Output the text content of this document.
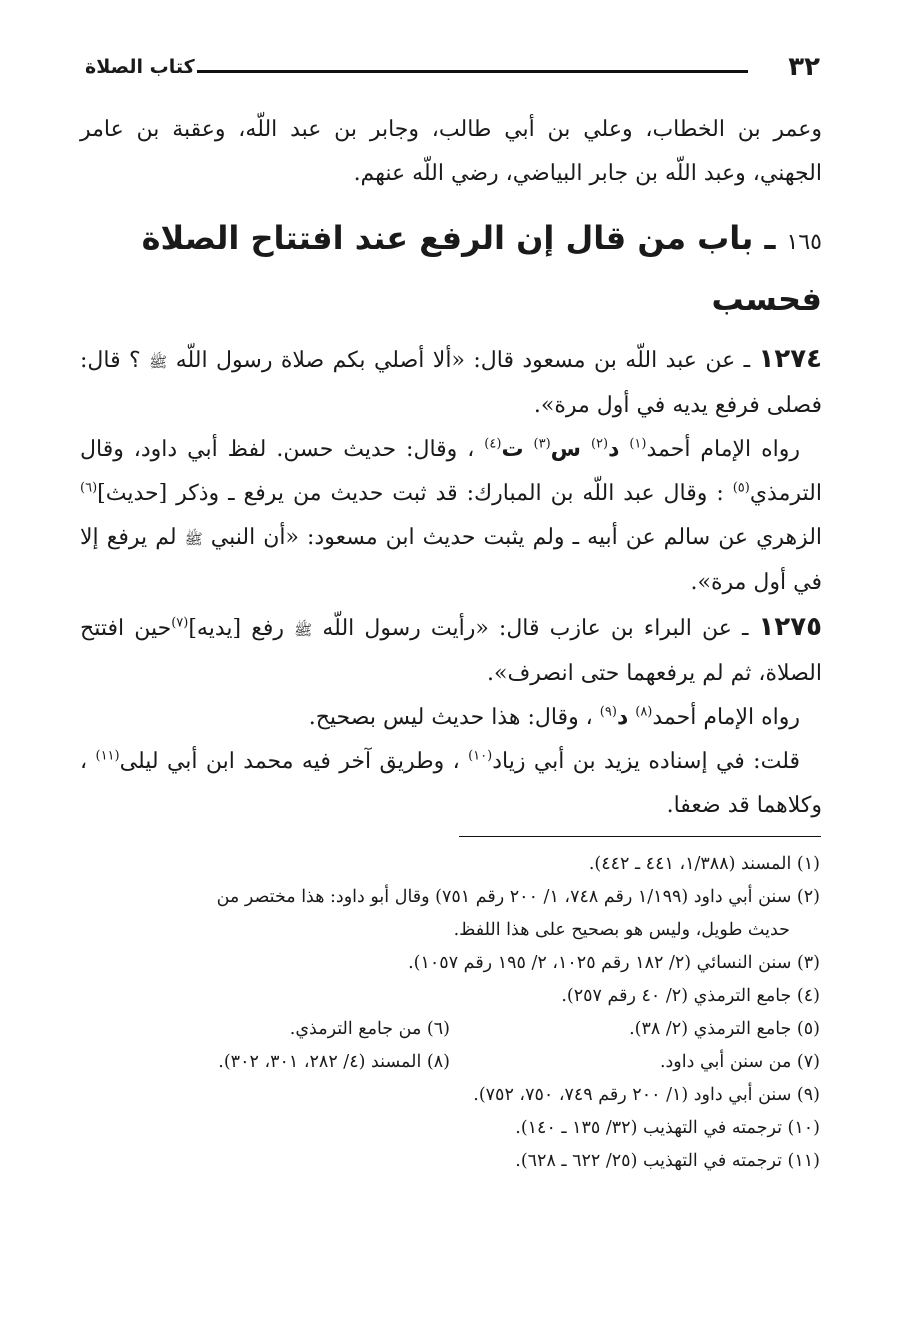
٣٢
كتاب الصلاة

وعمر بن الخطاب، وعلي بن أبي طالب، وجابر بن عبد اللّه، وعقبة بن عامر الجهني، وعبد اللّه بن جابر البياضي، رضي اللّه عنهم.

١٦٥ ـ باب من قال إن الرفع عند افتتاح الصلاة فحسب

١٢٧٤ ـ عن عبد اللّه بن مسعود قال: «ألا أصلي بكم صلاة رسول اللّه ﷺ ؟ قال: فصلى فرفع يديه في أول مرة».

رواه الإمام أحمد$^{(١)}$ د$^{(٢)}$ س$^{(٣)}$ ت$^{(٤)}$ ، وقال: حديث حسن. لفظ أبي داود، وقال الترمذي$^{(٥)}$ : وقال عبد اللّه بن المبارك: قد ثبت حديث من يرفع ـ وذكر [حديث]$^{(٦)}$ الزهري عن سالم عن أبيه ـ ولم يثبت حديث ابن مسعود: «أن النبي ﷺ لم يرفع إلا في أول مرة».

١٢٧٥ ـ عن البراء بن عازب قال: «رأيت رسول اللّه ﷺ رفع [يديه]$^{(٧)}$حين افتتح الصلاة، ثم لم يرفعهما حتى انصرف».

رواه الإمام أحمد$^{(٨)}$ د$^{(٩)}$ ، وقال: هذا حديث ليس بصحيح.

قلت: في إسناده يزيد بن أبي زياد$^{(١٠)}$ ، وطريق آخر فيه محمد ابن أبي ليلى$^{(١١)}$ ، وكلاهما قد ضعفا.

(١) المسند (١/٣٨٨، ٤٤١ ـ ٤٤٢).

(٢) سنن أبي داود (١/١٩٩ رقم ٧٤٨، ١/ ٢٠٠ رقم ٧٥١) وقال أبو داود: هذا مختصر من

حديث طويل، وليس هو بصحيح على هذا اللفظ.

(٣) سنن النسائي (٢/ ١٨٢ رقم ١٠٢٥، ٢/ ١٩٥ رقم ١٠٥٧).

(٤) جامع الترمذي (٢/ ٤٠ رقم ٢٥٧).

(٥) جامع الترمذي (٢/ ٣٨).

(٦) من جامع الترمذي.

(٧) من سنن أبي داود.

(٨) المسند (٤/ ٢٨٢، ٣٠١، ٣٠٢).

(٩) سنن أبي داود (١/ ٢٠٠ رقم ٧٤٩، ٧٥٠، ٧٥٢).

(١٠) ترجمته في التهذيب (٣٢/ ١٣٥ ـ ١٤٠).

(١١) ترجمته في التهذيب (٢٥/ ٦٢٢ ـ ٦٢٨).
